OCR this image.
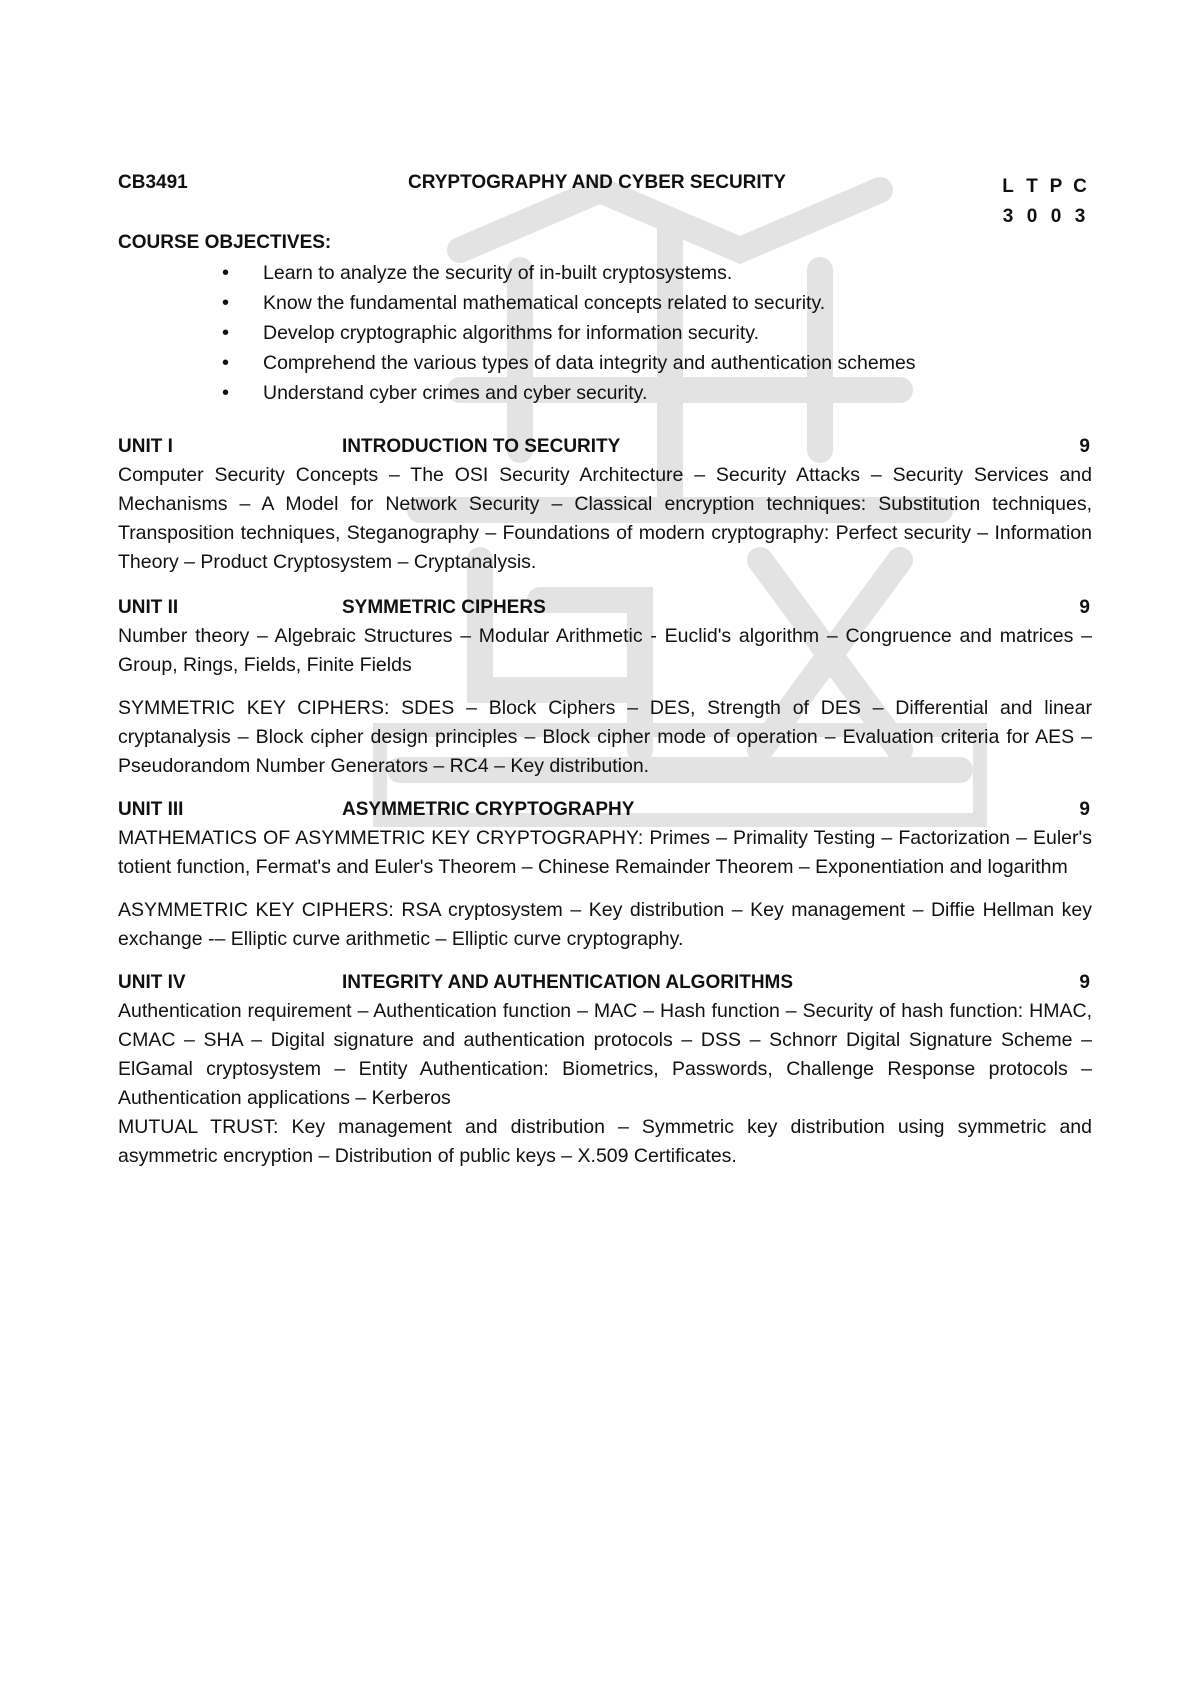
CB3491	CRYPTOGRAPHY AND CYBER SECURITY	L T P C
3 0 0 3
COURSE OBJECTIVES:
• Learn to analyze the security of in-built cryptosystems.
• Know the fundamental mathematical concepts related to security.
• Develop cryptographic algorithms for information security.
• Comprehend the various types of data integrity and authentication schemes
• Understand cyber crimes and cyber security.
UNIT I	INTRODUCTION TO SECURITY	9

Computer Security Concepts – The OSI Security Architecture – Security Attacks – Security Services and Mechanisms – A Model for Network Security – Classical encryption techniques: Substitution techniques, Transposition techniques, Steganography – Foundations of modern cryptography: Perfect security – Information Theory – Product Cryptosystem – Cryptanalysis.

UNIT II	SYMMETRIC CIPHERS	9

Number theory – Algebraic Structures – Modular Arithmetic - Euclid's algorithm – Congruence and matrices – Group, Rings, Fields, Finite Fields

SYMMETRIC KEY CIPHERS: SDES – Block Ciphers – DES, Strength of DES – Differential and linear cryptanalysis – Block cipher design principles – Block cipher mode of operation – Evaluation criteria for AES – Pseudorandom Number Generators – RC4 – Key distribution.

UNIT III	ASYMMETRIC CRYPTOGRAPHY	9

MATHEMATICS OF ASYMMETRIC KEY CRYPTOGRAPHY: Primes – Primality Testing – Factorization – Euler's totient function, Fermat's and Euler's Theorem – Chinese Remainder Theorem – Exponentiation and logarithm

ASYMMETRIC KEY CIPHERS: RSA cryptosystem – Key distribution – Key management – Diffie Hellman key exchange -– Elliptic curve arithmetic – Elliptic curve cryptography.

UNIT IV	INTEGRITY AND AUTHENTICATION ALGORITHMS	9

Authentication requirement – Authentication function – MAC – Hash function – Security of hash function: HMAC, CMAC – SHA – Digital signature and authentication protocols – DSS – Schnorr Digital Signature Scheme – ElGamal cryptosystem – Entity Authentication: Biometrics, Passwords, Challenge Response protocols – Authentication applications – Kerberos

MUTUAL TRUST: Key management and distribution – Symmetric key distribution using symmetric and asymmetric encryption – Distribution of public keys – X.509 Certificates.
